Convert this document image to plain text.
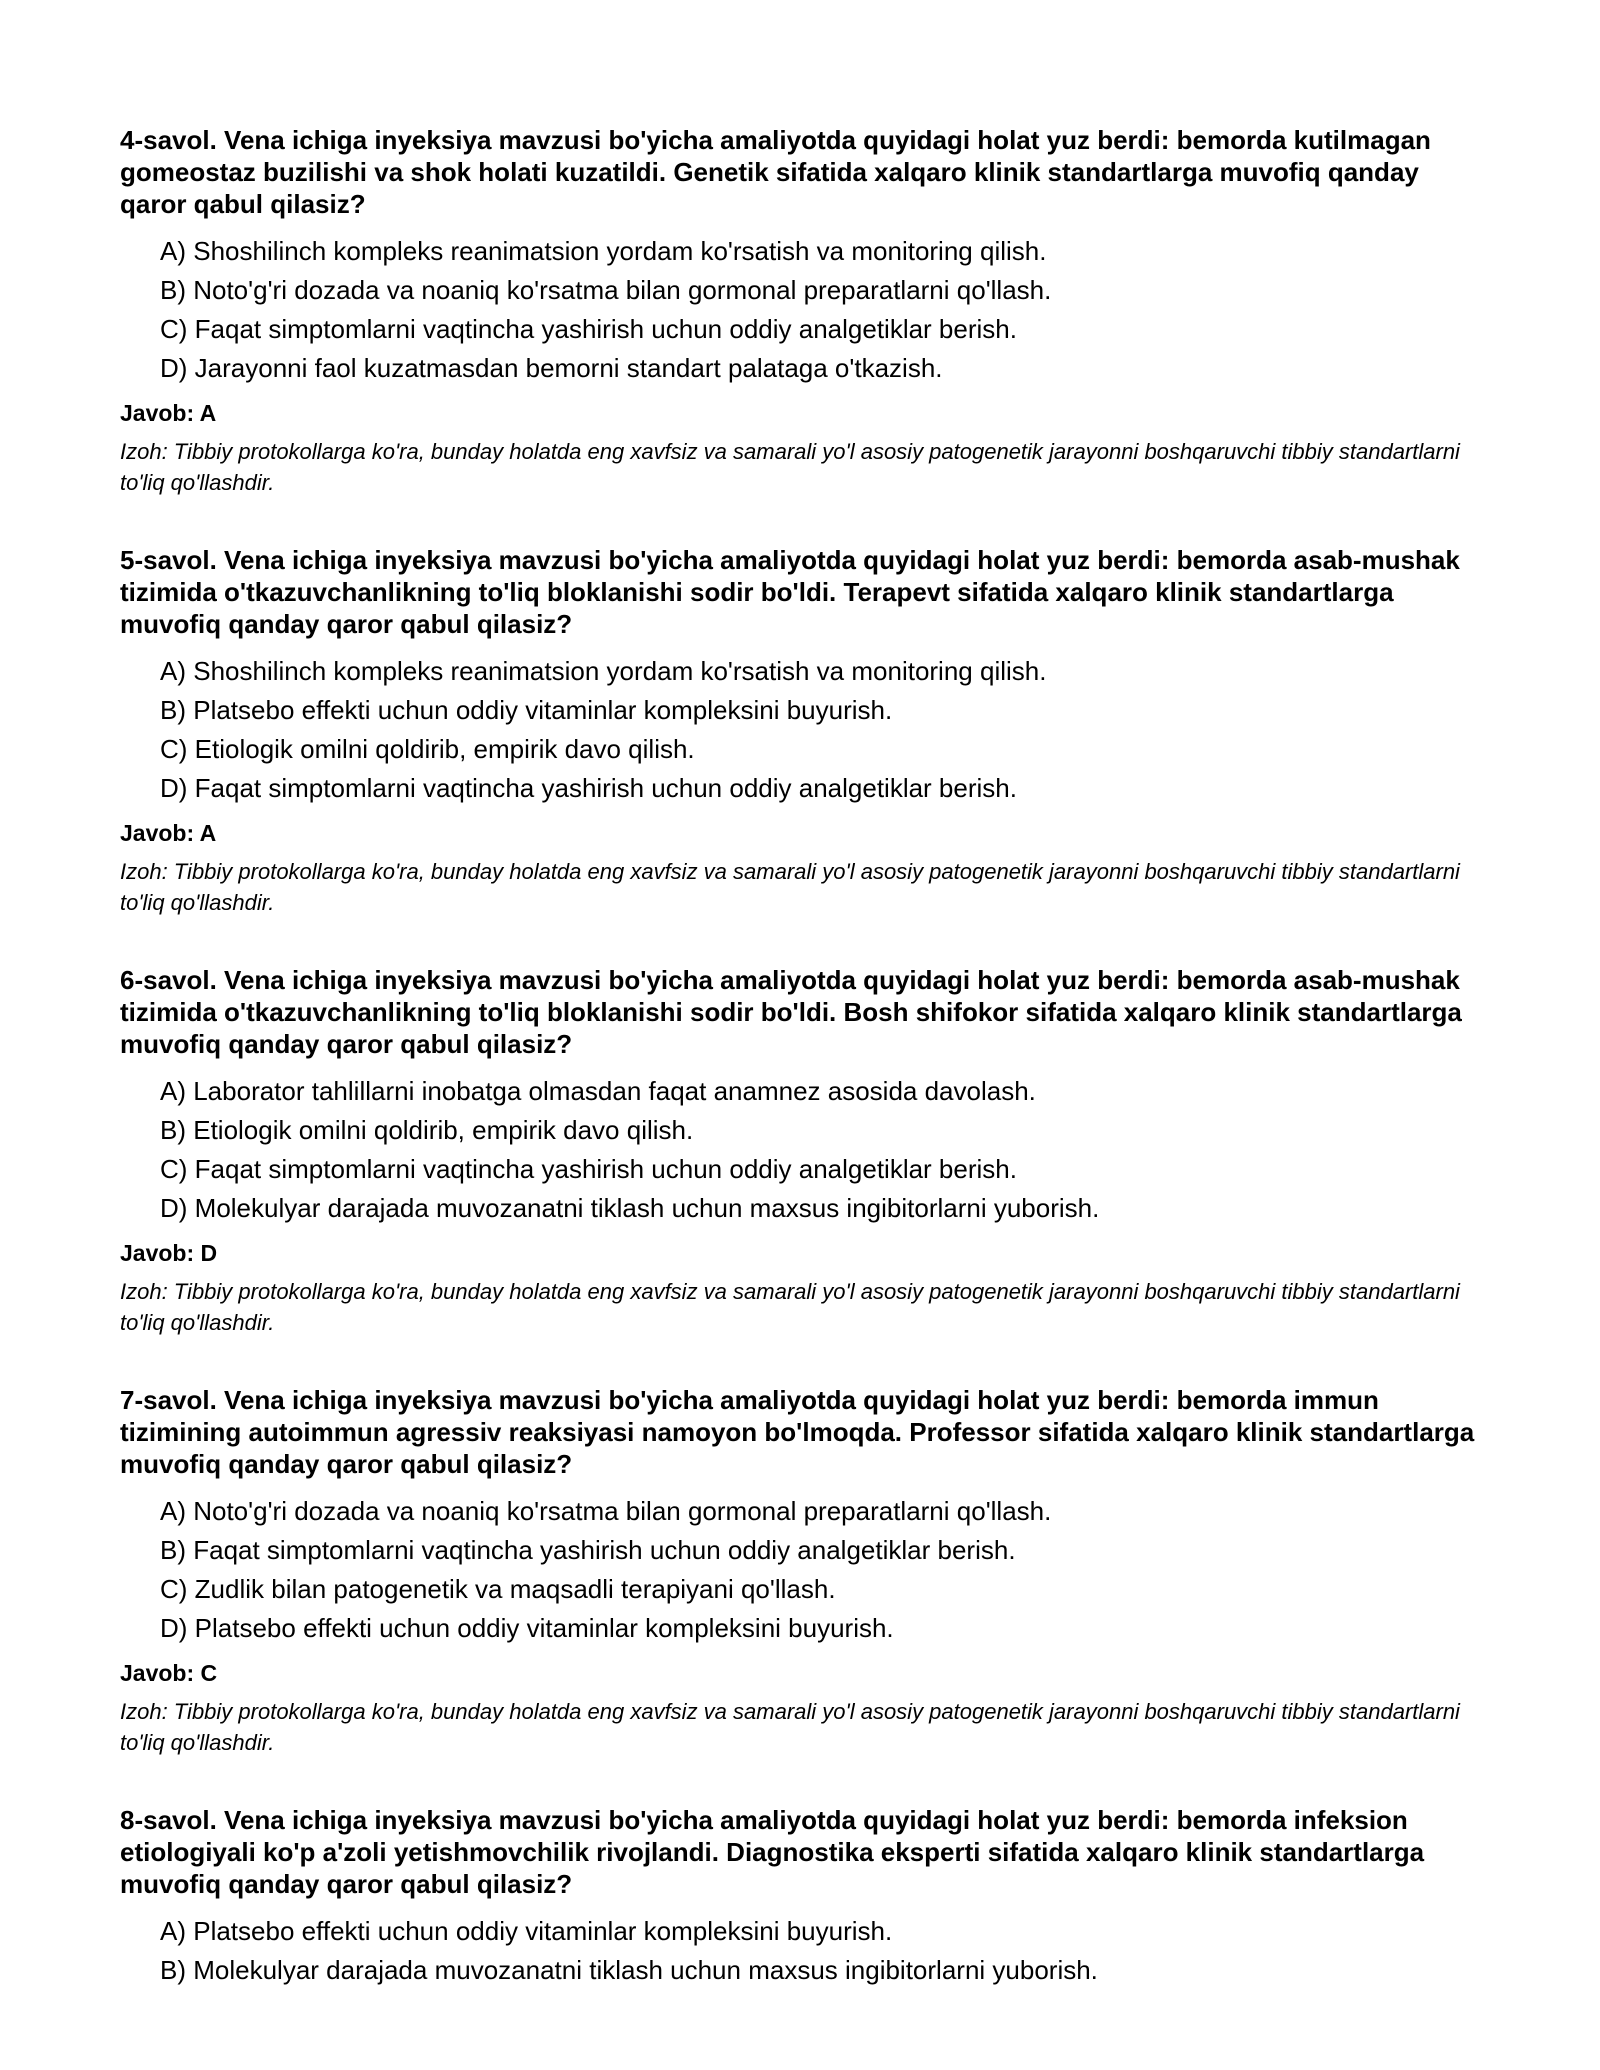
4-savol. Vena ichiga inyeksiya mavzusi bo'yicha amaliyotda quyidagi holat yuz berdi: bemorda kutilmagan gomeostaz buzilishi va shok holati kuzatildi. Genetik sifatida xalqaro klinik standartlarga muvofiq qanday qaror qabul qilasiz?

A) Shoshilinch kompleks reanimatsion yordam ko'rsatish va monitoring qilish.
B) Noto'g'ri dozada va noaniq ko'rsatma bilan gormonal preparatlarni qo'llash.
C) Faqat simptomlarni vaqtincha yashirish uchun oddiy analgetiklar berish.
D) Jarayonni faol kuzatmasdan bemorni standart palataga o'tkazish.

Javob: A

Izoh: Tibbiy protokollarga ko'ra, bunday holatda eng xavfsiz va samarali yo'l asosiy patogenetik jarayonni boshqaruvchi tibbiy standartlarni to'liq qo'llashdir.

5-savol. Vena ichiga inyeksiya mavzusi bo'yicha amaliyotda quyidagi holat yuz berdi: bemorda asab-mushak tizimida o'tkazuvchanlikning to'liq bloklanishi sodir bo'ldi. Terapevt sifatida xalqaro klinik standartlarga muvofiq qanday qaror qabul qilasiz?

A) Shoshilinch kompleks reanimatsion yordam ko'rsatish va monitoring qilish.
B) Platsebo effekti uchun oddiy vitaminlar kompleksini buyurish.
C) Etiologik omilni qoldirib, empirik davo qilish.
D) Faqat simptomlarni vaqtincha yashirish uchun oddiy analgetiklar berish.

Javob: A

Izoh: Tibbiy protokollarga ko'ra, bunday holatda eng xavfsiz va samarali yo'l asosiy patogenetik jarayonni boshqaruvchi tibbiy standartlarni to'liq qo'llashdir.

6-savol. Vena ichiga inyeksiya mavzusi bo'yicha amaliyotda quyidagi holat yuz berdi: bemorda asab-mushak tizimida o'tkazuvchanlikning to'liq bloklanishi sodir bo'ldi. Bosh shifokor sifatida xalqaro klinik standartlarga muvofiq qanday qaror qabul qilasiz?

A) Laborator tahlillarni inobatga olmasdan faqat anamnez asosida davolash.
B) Etiologik omilni qoldirib, empirik davo qilish.
C) Faqat simptomlarni vaqtincha yashirish uchun oddiy analgetiklar berish.
D) Molekulyar darajada muvozanatni tiklash uchun maxsus ingibitorlarni yuborish.

Javob: D

Izoh: Tibbiy protokollarga ko'ra, bunday holatda eng xavfsiz va samarali yo'l asosiy patogenetik jarayonni boshqaruvchi tibbiy standartlarni to'liq qo'llashdir.

7-savol. Vena ichiga inyeksiya mavzusi bo'yicha amaliyotda quyidagi holat yuz berdi: bemorda immun tizimining autoimmun agressiv reaksiyasi namoyon bo'lmoqda. Professor sifatida xalqaro klinik standartlarga muvofiq qanday qaror qabul qilasiz?

A) Noto'g'ri dozada va noaniq ko'rsatma bilan gormonal preparatlarni qo'llash.
B) Faqat simptomlarni vaqtincha yashirish uchun oddiy analgetiklar berish.
C) Zudlik bilan patogenetik va maqsadli terapiyani qo'llash.
D) Platsebo effekti uchun oddiy vitaminlar kompleksini buyurish.

Javob: C

Izoh: Tibbiy protokollarga ko'ra, bunday holatda eng xavfsiz va samarali yo'l asosiy patogenetik jarayonni boshqaruvchi tibbiy standartlarni to'liq qo'llashdir.

8-savol. Vena ichiga inyeksiya mavzusi bo'yicha amaliyotda quyidagi holat yuz berdi: bemorda infeksion etiologiyali ko'p a'zoli yetishmovchilik rivojlandi. Diagnostika eksperti sifatida xalqaro klinik standartlarga muvofiq qanday qaror qabul qilasiz?

A) Platsebo effekti uchun oddiy vitaminlar kompleksini buyurish.
B) Molekulyar darajada muvozanatni tiklash uchun maxsus ingibitorlarni yuborish.
